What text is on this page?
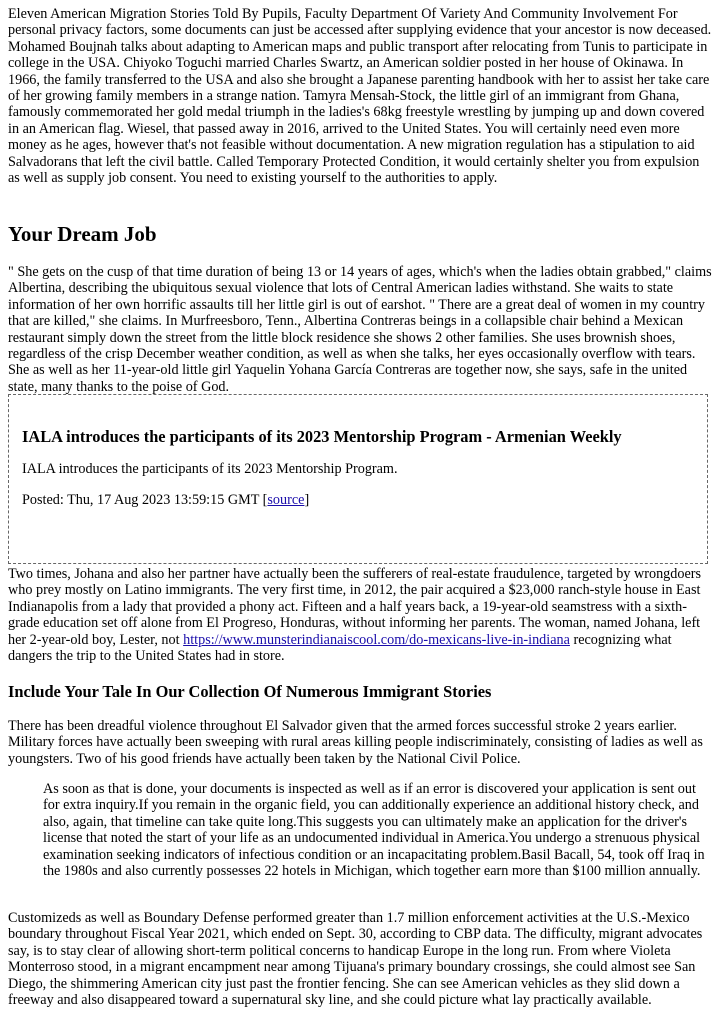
Eleven American Migration Stories Told By Pupils, Faculty Department Of Variety And Community Involvement For personal privacy factors, some documents can just be accessed after supplying evidence that your ancestor is now deceased. Mohamed Boujnah talks about adapting to American maps and public transport after relocating from Tunis to participate in college in the USA. Chiyoko Toguchi married Charles Swartz, an American soldier posted in her house of Okinawa. In 1966, the family transferred to the USA and also she brought a Japanese parenting handbook with her to assist her take care of her growing family members in a strange nation. Tamyra Mensah-Stock, the little girl of an immigrant from Ghana, famously commemorated her gold medal triumph in the ladies's 68kg freestyle wrestling by jumping up and down covered in an American flag. Wiesel, that passed away in 2016, arrived to the United States. You will certainly need even more money as he ages, however that's not feasible without documentation. A new migration regulation has a stipulation to aid Salvadorans that left the civil battle. Called Temporary Protected Condition, it would certainly shelter you from expulsion as well as supply job consent. You need to existing yourself to the authorities to apply.

Your Dream Job

" She gets on the cusp of that time duration of being 13 or 14 years of ages, which's when the ladies obtain grabbed," claims Albertina, describing the ubiquitous sexual violence that lots of Central American ladies withstand. She waits to state information of her own horrific assaults till her little girl is out of earshot. " There are a great deal of women in my country that are killed," she claims. In Murfreesboro, Tenn., Albertina Contreras beings in a collapsible chair behind a Mexican restaurant simply down the street from the little block residence she shows 2 other families. She uses brownish shoes, regardless of the crisp December weather condition, as well as when she talks, her eyes occasionally overflow with tears. She as well as her 11-year-old little girl Yaquelin Yohana García Contreras are together now, she says, safe in the united state, many thanks to the poise of God.

IALA introduces the participants of its 2023 Mentorship Program - Armenian Weekly

IALA introduces the participants of its 2023 Mentorship Program.

Posted: Thu, 17 Aug 2023 13:59:15 GMT [source]

Two times, Johana and also her partner have actually been the sufferers of real-estate fraudulence, targeted by wrongdoers who prey mostly on Latino immigrants. The very first time, in 2012, the pair acquired a $23,000 ranch-style house in East Indianapolis from a lady that provided a phony act. Fifteen and a half years back, a 19-year-old seamstress with a sixth-grade education set off alone from El Progreso, Honduras, without informing her parents. The woman, named Johana, left her 2-year-old boy, Lester, not https://www.munsterindianaiscool.com/do-mexicans-live-in-indiana recognizing what dangers the trip to the United States had in store.

Include Your Tale In Our Collection Of Numerous Immigrant Stories

There has been dreadful violence throughout El Salvador given that the armed forces successful stroke 2 years earlier. Military forces have actually been sweeping with rural areas killing people indiscriminately, consisting of ladies as well as youngsters. Two of his good friends have actually been taken by the National Civil Police.

As soon as that is done, your documents is inspected as well as if an error is discovered your application is sent out for extra inquiry.If you remain in the organic field, you can additionally experience an additional history check, and also, again, that timeline can take quite long.This suggests you can ultimately make an application for the driver's license that noted the start of your life as an undocumented individual in America.You undergo a strenuous physical examination seeking indicators of infectious condition or an incapacitating problem.Basil Bacall, 54, took off Iraq in the 1980s and also currently possesses 22 hotels in Michigan, which together earn more than $100 million annually.

Customizeds as well as Boundary Defense performed greater than 1.7 million enforcement activities at the U.S.-Mexico boundary throughout Fiscal Year 2021, which ended on Sept. 30, according to CBP data. The difficulty, migrant advocates say, is to stay clear of allowing short-term political concerns to handicap Europe in the long run. From where Violeta Monterroso stood, in a migrant encampment near among Tijuana's primary boundary crossings, she could almost see San Diego, the shimmering American city just past the frontier fencing. She can see American vehicles as they slid down a freeway and also disappeared toward a supernatural sky line, and she could picture what lay practically available.
